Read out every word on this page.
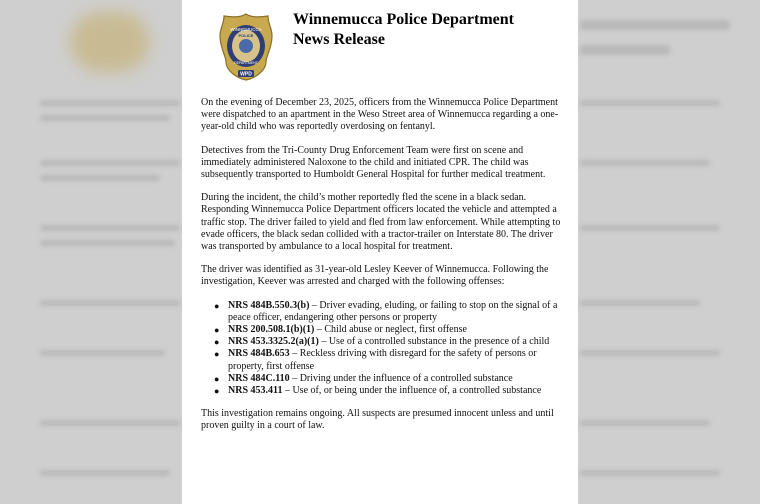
WINNEMUCCA
POLICE
DEPARTMENT
WPD
Winnemucca Police Department
News Release

On the evening of December 23, 2025, officers from the Winnemucca Police Department were dispatched to an apartment in the Weso Street area of Winnemucca regarding a one-year-old child who was reportedly overdosing on fentanyl.

Detectives from the Tri-County Drug Enforcement Team were first on scene and immediately administered Naloxone to the child and initiated CPR. The child was subsequently transported to Humboldt General Hospital for further medical treatment.

During the incident, the child’s mother reportedly fled the scene in a black sedan. Responding Winnemucca Police Department officers located the vehicle and attempted a traffic stop. The driver failed to yield and fled from law enforcement. While attempting to evade officers, the black sedan collided with a tractor-trailer on Interstate 80. The driver was transported by ambulance to a local hospital for treatment.

The driver was identified as 31-year-old Lesley Keever of Winnemucca. Following the investigation, Keever was arrested and charged with the following offenses:

● NRS 484B.550.3(b) – Driver evading, eluding, or failing to stop on the signal of a peace officer, endangering other persons or property
● NRS 200.508.1(b)(1) – Child abuse or neglect, first offense
● NRS 453.3325.2(a)(1) – Use of a controlled substance in the presence of a child
● NRS 484B.653 – Reckless driving with disregard for the safety of persons or property, first offense
● NRS 484C.110 – Driving under the influence of a controlled substance
● NRS 453.411 – Use of, or being under the influence of, a controlled substance

This investigation remains ongoing. All suspects are presumed innocent unless and until proven guilty in a court of law.
